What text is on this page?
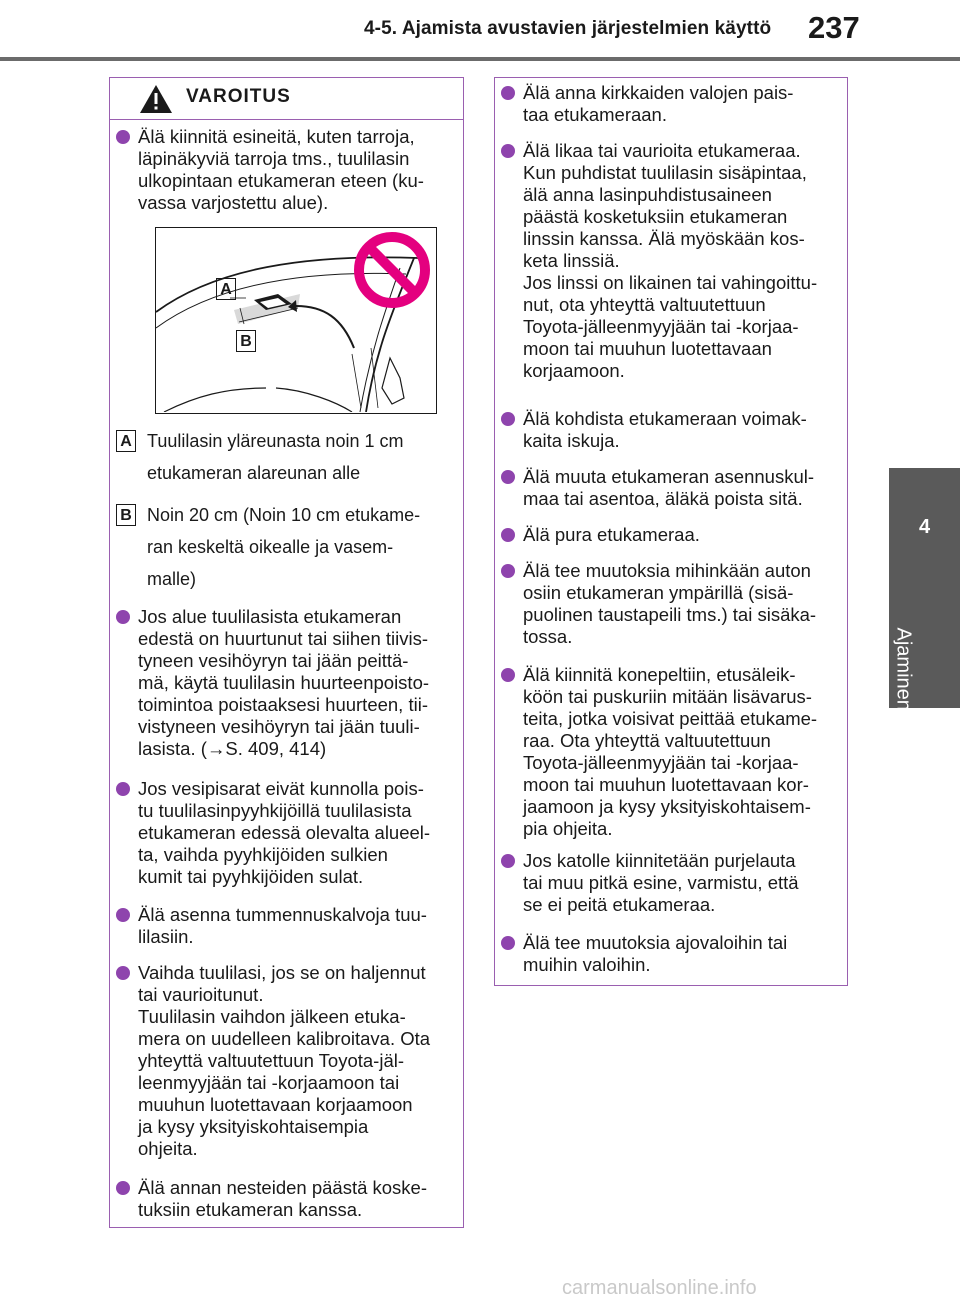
4-5. Ajamista avustavien järjestelmien käyttö	237
4
Ajaminen
VAROITUS
Älä kiinnitä esineitä, kuten tarroja,
läpinäkyviä tarroja tms., tuulilasin
ulkopintaan etukameran eteen (ku-
vassa varjostettu alue).
A
B
A Tuulilasin yläreunasta noin 1 cm
etukameran alareunan alle
B Noin 20 cm (Noin 10 cm etukame-
ran keskeltä oikealle ja vasem-
malle)
Jos alue tuulilasista etukameran
edestä on huurtunut tai siihen tiivis-
tyneen vesihöyryn tai jään peittä-
mä, käytä tuulilasin huurteenpoisto-
toimintoa poistaaksesi huurteen, tii-
vistyneen vesihöyryn tai jään tuuli-
lasista. (→S. 409, 414)
Jos vesipisarat eivät kunnolla pois-
tu tuulilasinpyyhkijöillä tuulilasista
etukameran edessä olevalta alueel-
ta, vaihda pyyhkijöiden sulkien
kumit tai pyyhkijöiden sulat.
Älä asenna tummennuskalvoja tuu-
lilasiin.
Vaihda tuulilasi, jos se on haljennut
tai vaurioitunut.
Tuulilasin vaihdon jälkeen etuka-
mera on uudelleen kalibroitava. Ota
yhteyttä valtuutettuun Toyota-jäl-
leenmyyjään tai -korjaamoon tai
muuhun luotettavaan korjaamoon
ja kysy yksityiskohtaisempia
ohjeita.
Älä annan nesteiden päästä koske-
tuksiin etukameran kanssa.
Älä anna kirkkaiden valojen pais-
taa etukameraan.
Älä likaa tai vaurioita etukameraa.
Kun puhdistat tuulilasin sisäpintaa,
älä anna lasinpuhdistusaineen
päästä kosketuksiin etukameran
linssin kanssa. Älä myöskään kos-
keta linssiä.
Jos linssi on likainen tai vahingoittu-
nut, ota yhteyttä valtuutettuun
Toyota-jälleenmyyjään tai -korjaa-
moon tai muuhun luotettavaan
korjaamoon.
Älä kohdista etukameraan voimak-
kaita iskuja.
Älä muuta etukameran asennuskul-
maa tai asentoa, äläkä poista sitä.
Älä pura etukameraa.
Älä tee muutoksia mihinkään auton
osiin etukameran ympärillä (sisä-
puolinen taustapeili tms.) tai sisäka-
tossa.
Älä kiinnitä konepeltiin, etusäleik-
köön tai puskuriin mitään lisävarus-
teita, jotka voisivat peittää etukame-
raa. Ota yhteyttä valtuutettuun
Toyota-jälleenmyyjään tai -korjaa-
moon tai muuhun luotettavaan kor-
jaamoon ja kysy yksityiskohtaisem-
pia ohjeita.
Jos katolle kiinnitetään purjelauta
tai muu pitkä esine, varmistu, että
se ei peitä etukameraa.
Älä tee muutoksia ajovaloihin tai
muihin valoihin.
carmanualsonline.info
